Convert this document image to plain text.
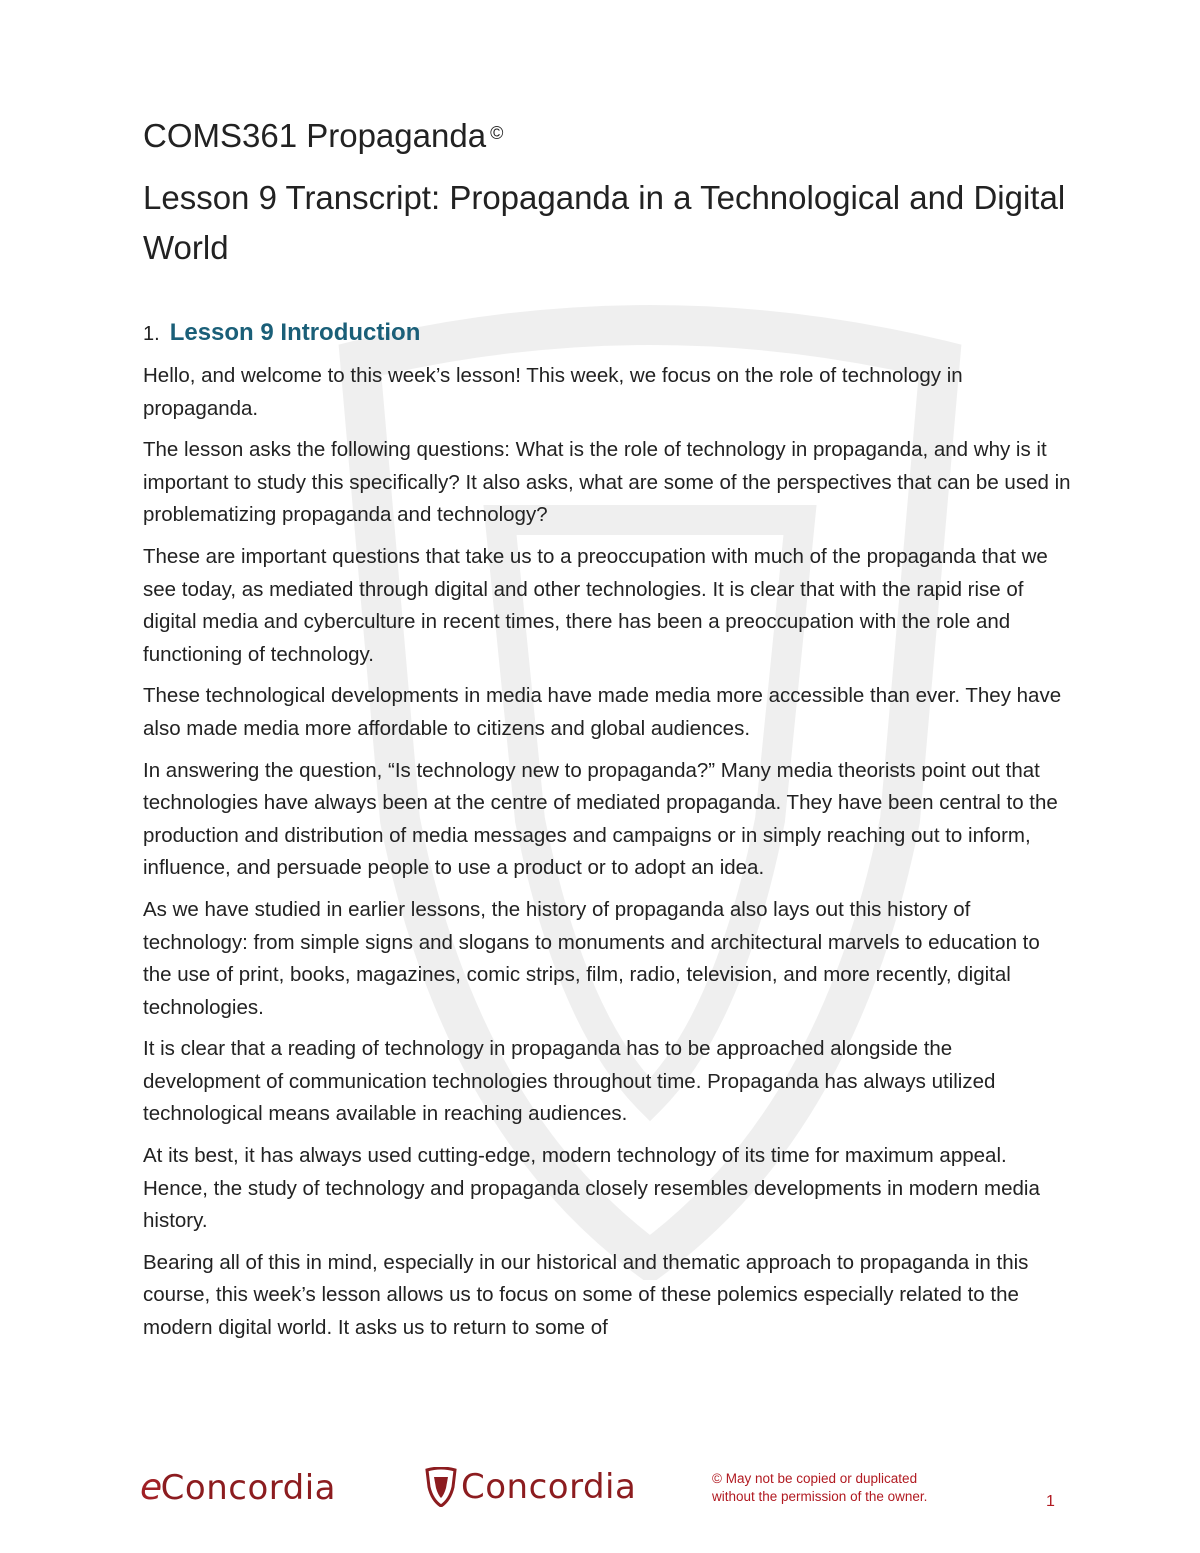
COMS361 Propaganda ©
Lesson 9 Transcript: Propaganda in a Technological and Digital World
1. Lesson 9 Introduction

Hello, and welcome to this week’s lesson! This week, we focus on the role of technology in propaganda.

The lesson asks the following questions: What is the role of technology in propaganda, and why is it important to study this specifically? It also asks, what are some of the perspectives that can be used in problematizing propaganda and technology?

These are important questions that take us to a preoccupation with much of the propaganda that we see today, as mediated through digital and other technologies. It is clear that with the rapid rise of digital media and cyberculture in recent times, there has been a preoccupation with the role and functioning of technology.

These technological developments in media have made media more accessible than ever. They have also made media more affordable to citizens and global audiences.

In answering the question, “Is technology new to propaganda?” Many media theorists point out that technologies have always been at the centre of mediated propaganda. They have been central to the production and distribution of media messages and campaigns or in simply reaching out to inform, influence, and persuade people to use a product or to adopt an idea.

As we have studied in earlier lessons, the history of propaganda also lays out this history of technology: from simple signs and slogans to monuments and architectural marvels to education to the use of print, books, magazines, comic strips, film, radio, television, and more recently, digital technologies.

It is clear that a reading of technology in propaganda has to be approached alongside the development of communication technologies throughout time. Propaganda has always utilized technological means available in reaching audiences.

At its best, it has always used cutting-edge, modern technology of its time for maximum appeal. Hence, the study of technology and propaganda closely resembles developments in modern media history.

Bearing all of this in mind, especially in our historical and thematic approach to propaganda in this course, this week’s lesson allows us to focus on some of these polemics especially related to the modern digital world. It asks us to return to some of

e
Concordia	Concordia	© May not be copied or duplicated
without the permission of the owner.	1
